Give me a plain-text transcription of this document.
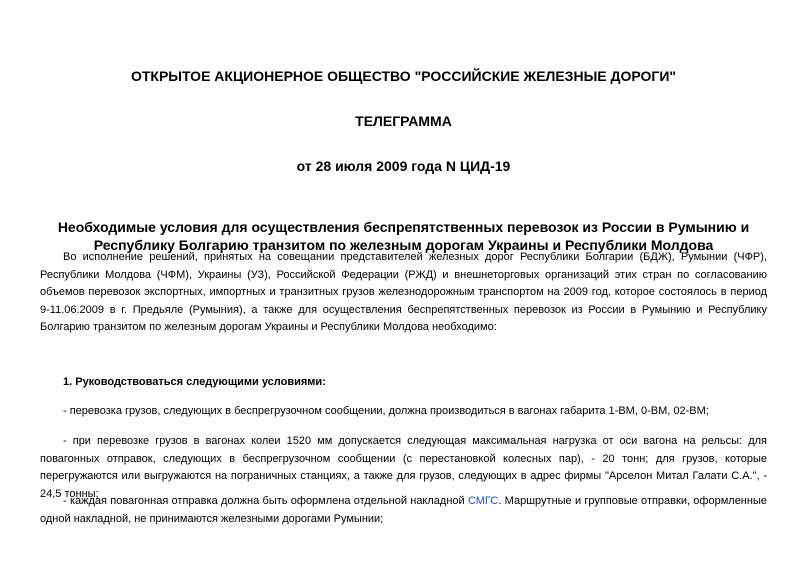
ОТКРЫТОЕ АКЦИОНЕРНОЕ ОБЩЕСТВО "РОССИЙСКИЕ ЖЕЛЕЗНЫЕ ДОРОГИ"
ТЕЛЕГРАММА
от 28 июля 2009 года N ЦИД-19
Необходимые условия для осуществления беспрепятственных перевозок из России в Румынию и Республику Болгарию транзитом по железным дорогам Украины и Республики Молдова

Во исполнение решений, принятых на совещании представителей железных дорог Республики Болгарии (БДЖ), Румынии (ЧФР), Республики Молдова (ЧФМ), Украины (УЗ), Российской Федерации (РЖД) и внешнеторговых организаций этих стран по согласованию объемов перевозок экспортных, импортных и транзитных грузов железнодорожным транспортом на 2009 год, которое состоялось в период 9-11.06.2009 в г. Предьяле (Румыния), а также для осуществления беспрепятственных перевозок из России в Румынию и Республику Болгарию транзитом по железным дорогам Украины и Республики Молдова необходимо:

1. Руководствоваться следующими условиями:

- перевозка грузов, следующих в беспрегрузочном сообщении, должна производиться в вагонах габарита 1-ВМ, 0-ВМ, 02-ВМ;

- при перевозке грузов в вагонах колеи 1520 мм допускается следующая максимальная нагрузка от оси вагона на рельсы: для повагонных отправок, следующих в беспрегрузочном сообщении (с перестановкой колесных пар), - 20 тонн; для грузов, которые перегружаются или выгружаются на пограничных станциях, а также для грузов, следующих в адрес фирмы "Арселон Митал Галати С.А.", - 24,5 тонны;

- каждая повагонная отправка должна быть оформлена отдельной накладной СМГС. Маршрутные и групповые отправки, оформленные одной накладной, не принимаются железными дорогами Румынии;
